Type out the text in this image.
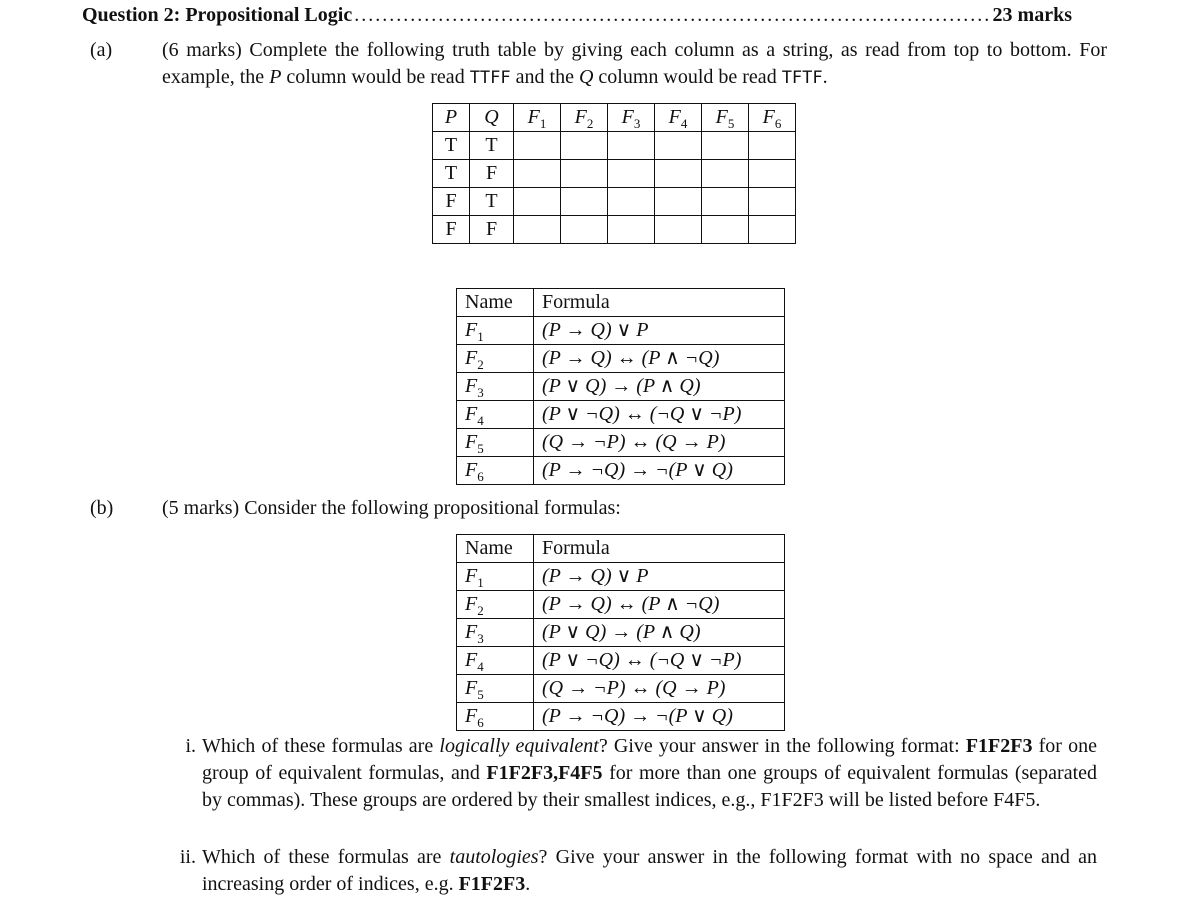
Question 2: Propositional Logic .....	23 marks
(a) (6 marks) Complete the following truth table by giving each column as a string, as read from top to bottom. For example, the P column would be read TTFF and the Q column would be read TFTF.
P	Q	$F_1$	$F_2$	$F_3$	$F_4$	$F_5$	$F_6$
T	T						
T	F						
F	T						
F	F						
Name	Formula
$F_1$	(P → Q) ∨ P
$F_2$	(P → Q) ↔ (P ∧ ¬Q)
$F_3$	(P ∨ Q) → (P ∧ Q)
$F_4$	(P ∨ ¬Q) ↔ (¬Q ∨ ¬P)
$F_5$	(Q → ¬P) ↔ (Q → P)
$F_6$	(P → ¬Q) → ¬(P ∨ Q)
(b) (5 marks) Consider the following propositional formulas:
Name	Formula
$F_1$	(P → Q) ∨ P
$F_2$	(P → Q) ↔ (P ∧ ¬Q)
$F_3$	(P ∨ Q) → (P ∧ Q)
$F_4$	(P ∨ ¬Q) ↔ (¬Q ∨ ¬P)
$F_5$	(Q → ¬P) ↔ (Q → P)
$F_6$	(P → ¬Q) → ¬(P ∨ Q)
i. Which of these formulas are logically equivalent? Give your answer in the following format: F1F2F3 for one group of equivalent formulas, and F1F2F3,F4F5 for more than one groups of equivalent formulas (separated by commas). These groups are ordered by their smallest indices, e.g., F1F2F3 will be listed before F4F5.
ii. Which of these formulas are tautologies? Give your answer in the following format with no space and an increasing order of indices, e.g. F1F2F3.
